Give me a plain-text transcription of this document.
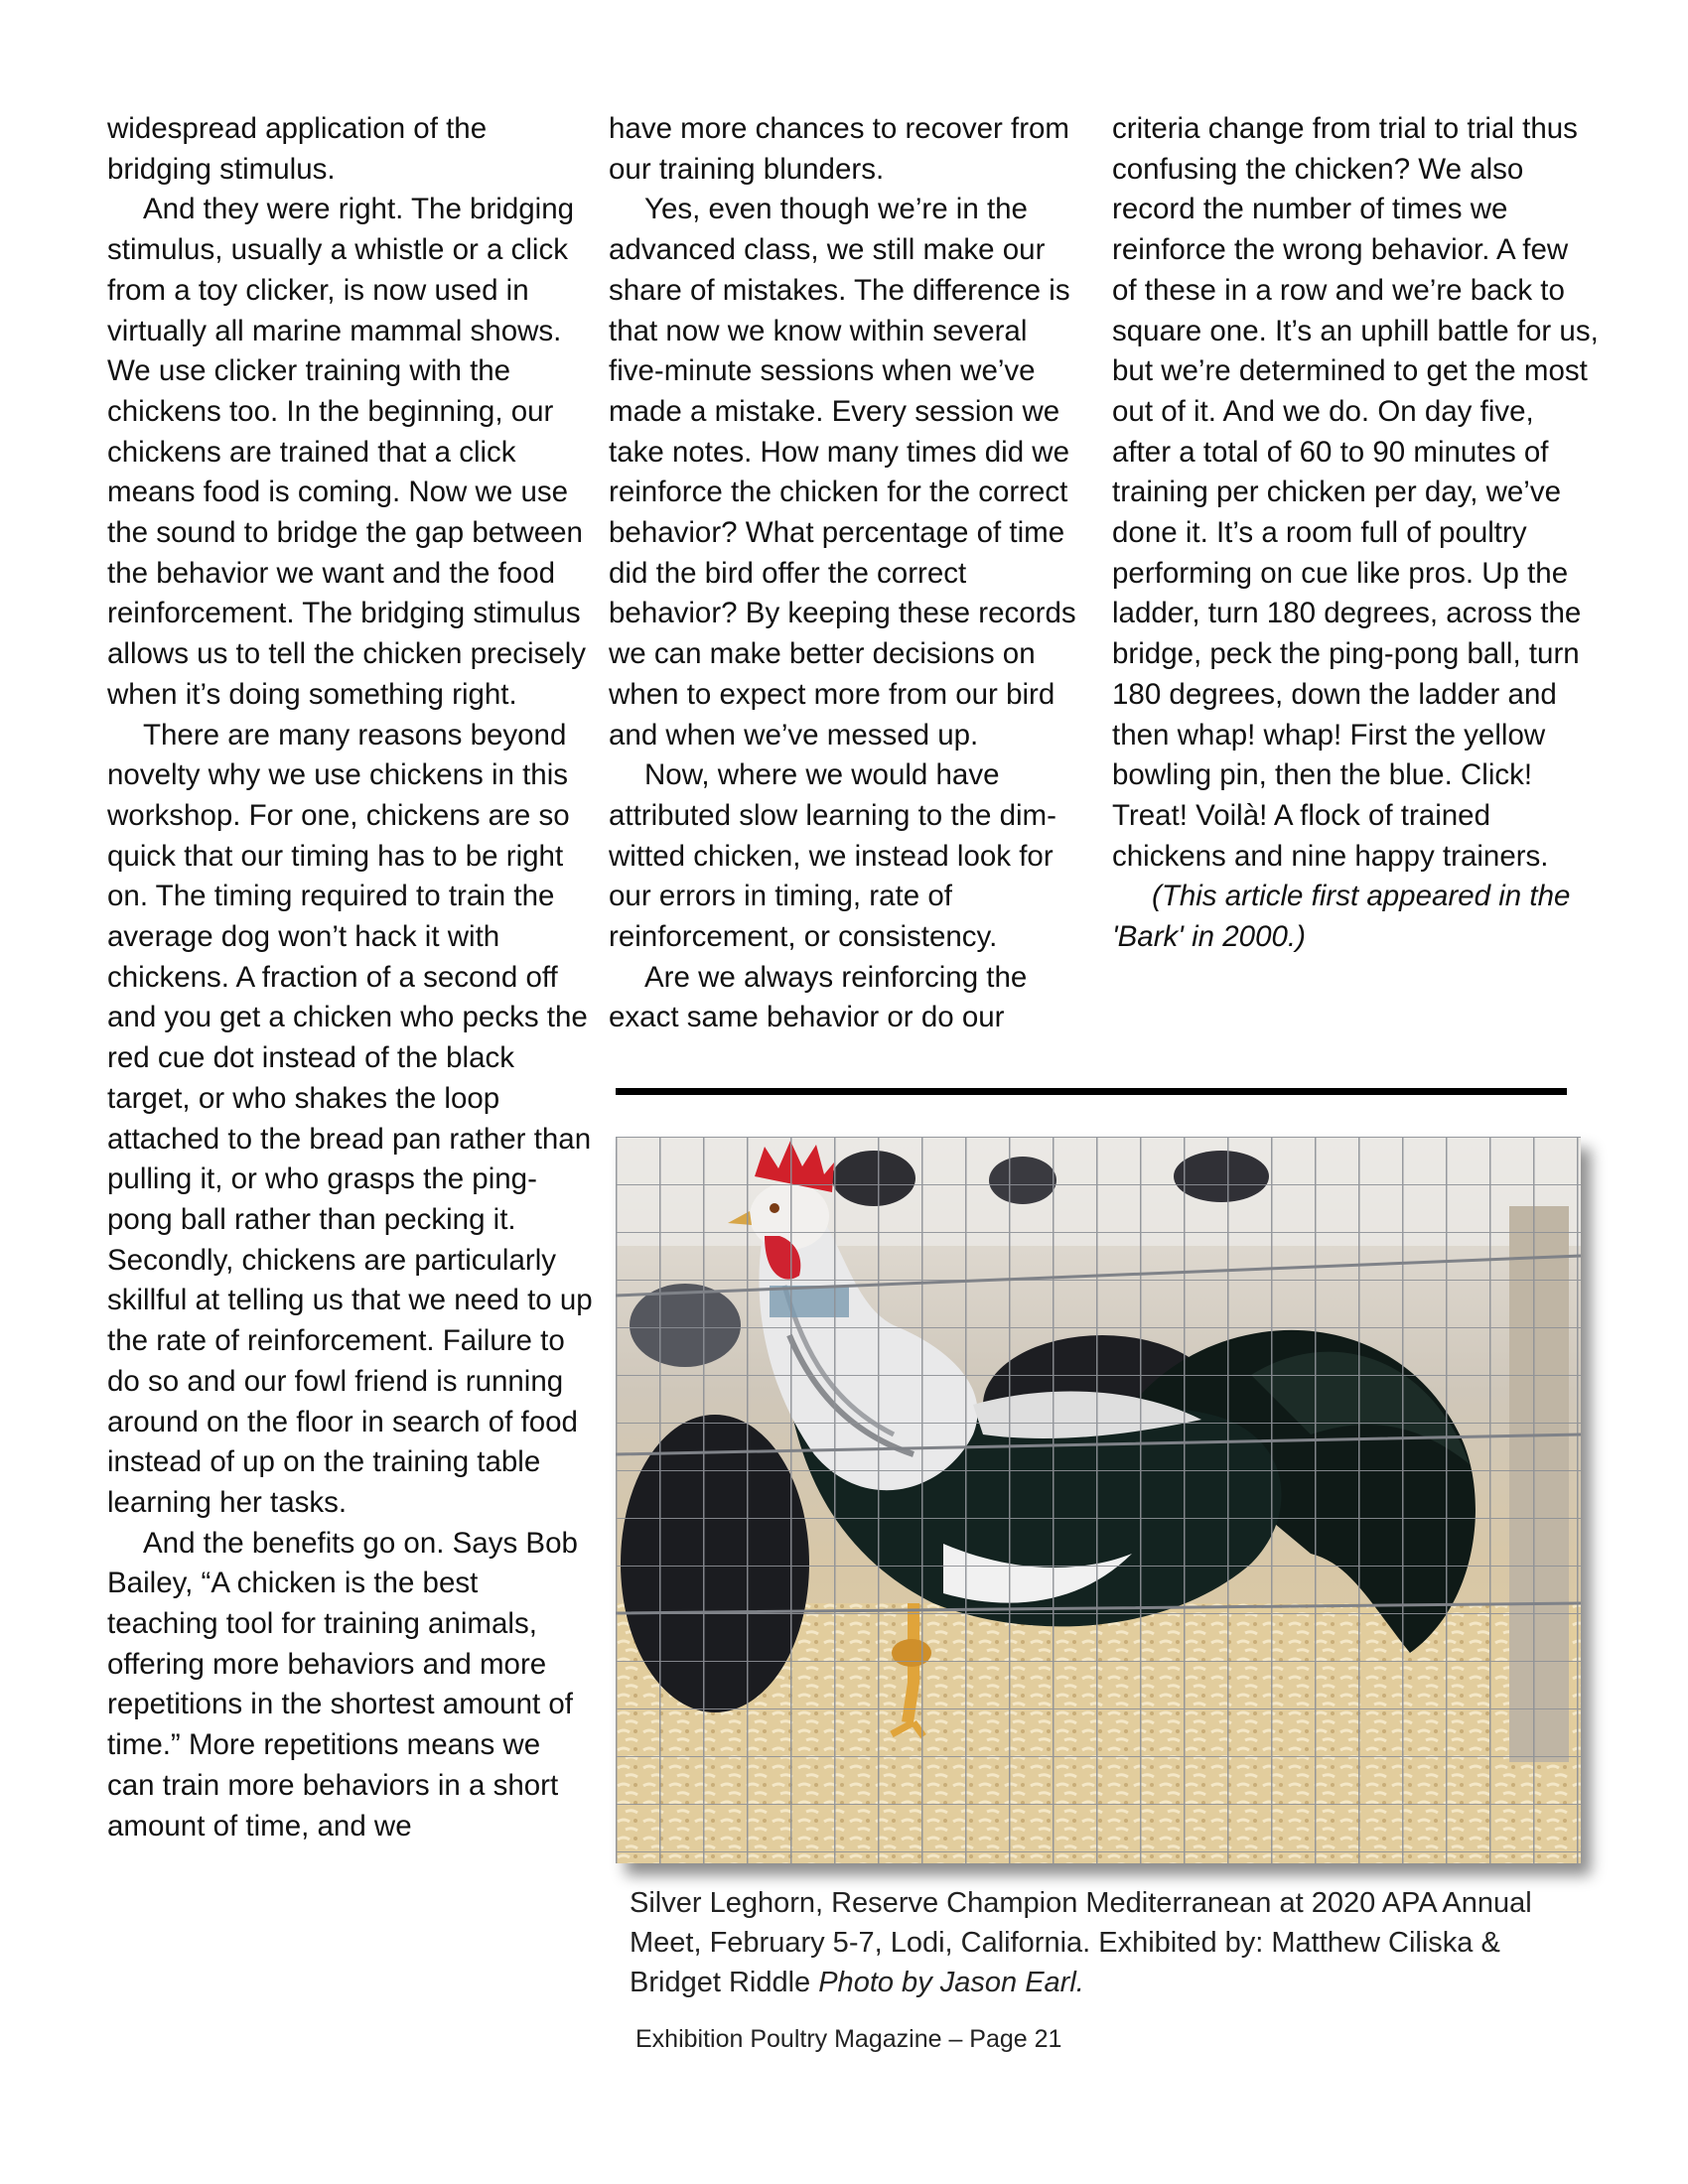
widespread application of the bridging stimulus.

And they were right. The bridging stimulus, usually a whistle or a click from a toy clicker, is now used in virtually all marine mammal shows. We use clicker training with the chickens too. In the beginning, our chickens are trained that a click means food is coming. Now we use the sound to bridge the gap between the behavior we want and the food reinforcement. The bridging stimulus allows us to tell the chicken precisely when it’s doing something right.

There are many reasons beyond novelty why we use chickens in this workshop. For one, chickens are so quick that our timing has to be right on. The timing required to train the average dog won’t hack it with chickens. A fraction of a second off and you get a chicken who pecks the red cue dot instead of the black target, or who shakes the loop attached to the bread pan rather than pulling it, or who grasps the ping-pong ball rather than pecking it. Secondly, chickens are particularly skillful at telling us that we need to up the rate of reinforcement. Failure to do so and our fowl friend is running around on the floor in search of food instead of up on the training table learning her tasks.

And the benefits go on. Says Bob Bailey, “A chicken is the best teaching tool for training animals, offering more behaviors and more repetitions in the shortest amount of time.” More repetitions means we can train more behaviors in a short amount of time, and we

have more chances to recover from our training blunders.

Yes, even though we’re in the advanced class, we still make our share of mistakes. The difference is that now we know within several five-minute sessions when we’ve made a mistake. Every session we take notes. How many times did we reinforce the chicken for the correct behavior? What percentage of time did the bird offer the correct behavior? By keeping these records we can make better decisions on when to expect more from our bird and when we’ve messed up.

Now, where we would have attributed slow learning to the dim-witted chicken, we instead look for our errors in timing, rate of reinforcement, or consistency.

Are we always reinforcing the exact same behavior or do our

criteria change from trial to trial thus confusing the chicken? We also record the number of times we reinforce the wrong behavior. A few of these in a row and we’re back to square one. It’s an uphill battle for us, but we’re determined to get the most out of it. And we do. On day five, after a total of 60 to 90 minutes of training per chicken per day, we’ve done it. It’s a room full of poultry performing on cue like pros. Up the ladder, turn 180 degrees, across the bridge, peck the ping-pong ball, turn 180 degrees, down the ladder and then whap! whap! First the yellow bowling pin, then the blue. Click! Treat! Voilà! A flock of trained chickens and nine happy trainers.

(This article first appeared in the 'Bark' in 2000.)

Silver Leghorn, Reserve Champion Mediterranean at 2020 APA Annual Meet, February 5-7, Lodi, California. Exhibited by: Matthew Ciliska & Bridget Riddle Photo by Jason Earl.
Exhibition Poultry Magazine – Page 21
